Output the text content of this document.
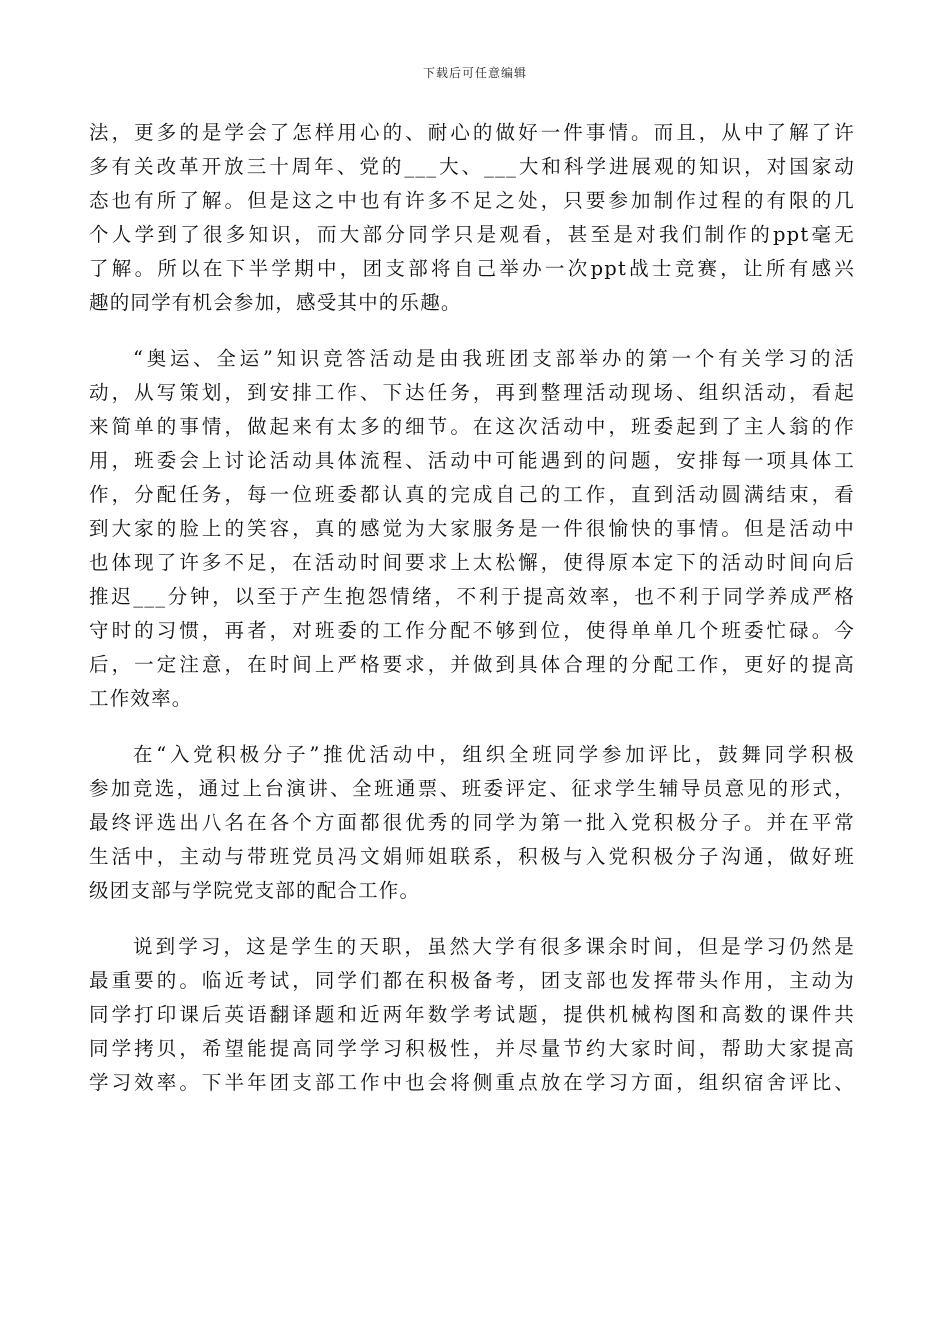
下载后可任意编辑

法，更多的是学会了怎样用心的、耐心的做好一件事情。而且，从中了解了许
多有关改革开放三十周年、党的___大、___大和科学进展观的知识，对国家动
态也有所了解。但是这之中也有许多不足之处，只要参加制作过程的有限的几
个人学到了很多知识，而大部分同学只是观看，甚至是对我们制作的ppt毫无
了解。所以在下半学期中，团支部将自己举办一次ppt战士竞赛，让所有感兴
趣的同学有机会参加，感受其中的乐趣。

“奥运、全运”知识竞答活动是由我班团支部举办的第一个有关学习的活
动，从写策划，到安排工作、下达任务，再到整理活动现场、组织活动，看起
来简单的事情，做起来有太多的细节。在这次活动中，班委起到了主人翁的作
用，班委会上讨论活动具体流程、活动中可能遇到的问题，安排每一项具体工
作，分配任务，每一位班委都认真的完成自己的工作，直到活动圆满结束，看
到大家的脸上的笑容，真的感觉为大家服务是一件很愉快的事情。但是活动中
也体现了许多不足，在活动时间要求上太松懈，使得原本定下的活动时间向后
推迟___分钟，以至于产生抱怨情绪，不利于提高效率，也不利于同学养成严格
守时的习惯，再者，对班委的工作分配不够到位，使得单单几个班委忙碌。今
后，一定注意，在时间上严格要求，并做到具体合理的分配工作，更好的提高
工作效率。

在“入党积极分子”推优活动中，组织全班同学参加评比，鼓舞同学积极
参加竞选，通过上台演讲、全班通票、班委评定、征求学生辅导员意见的形式，
最终评选出八名在各个方面都很优秀的同学为第一批入党积极分子。并在平常
生活中，主动与带班党员冯文娟师姐联系，积极与入党积极分子沟通，做好班
级团支部与学院党支部的配合工作。

说到学习，这是学生的天职，虽然大学有很多课余时间，但是学习仍然是
最重要的。临近考试，同学们都在积极备考，团支部也发挥带头作用，主动为
同学打印课后英语翻译题和近两年数学考试题，提供机械构图和高数的课件共
同学拷贝，希望能提高同学学习积极性，并尽量节约大家时间，帮助大家提高
学习效率。下半年团支部工作中也会将侧重点放在学习方面，组织宿舍评比、
